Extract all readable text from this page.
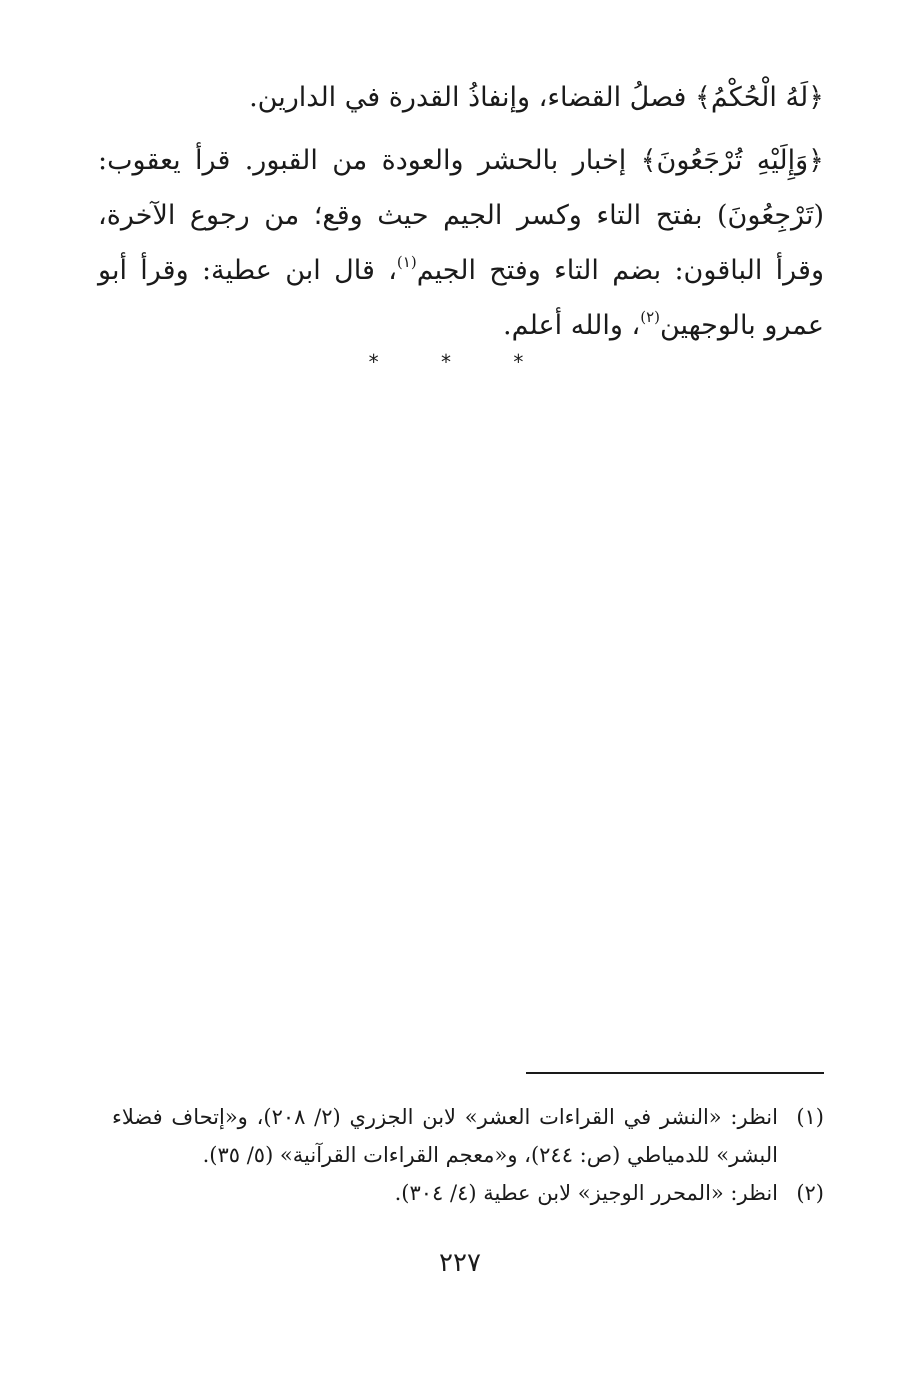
﴿لَهُ الْحُكْمُ﴾ فصلُ القضاء، وإنفاذُ القدرة في الدارين.

﴿وَإِلَيْهِ تُرْجَعُونَ﴾ إخبار بالحشر والعودة من القبور. قرأ يعقوب: (تَرْجِعُونَ) بفتح التاء وكسر الجيم حيث وقع؛ من رجوع الآخرة، وقرأ الباقون: بضم التاء وفتح الجيم$^{(١)}$، قال ابن عطية: وقرأ أبو عمرو بالوجهين$^{(٢)}$، والله أعلم.

* * *

(١)
انظر: «النشر في القراءات العشر» لابن الجزري (٢/ ٢٠٨)، و«إتحاف فضلاء البشر» للدمياطي (ص: ٢٤٤)، و«معجم القراءات القرآنية» (٥/ ٣٥).

(٢)
انظر: «المحرر الوجيز» لابن عطية (٤/ ٣٠٤).

٢٢٧
